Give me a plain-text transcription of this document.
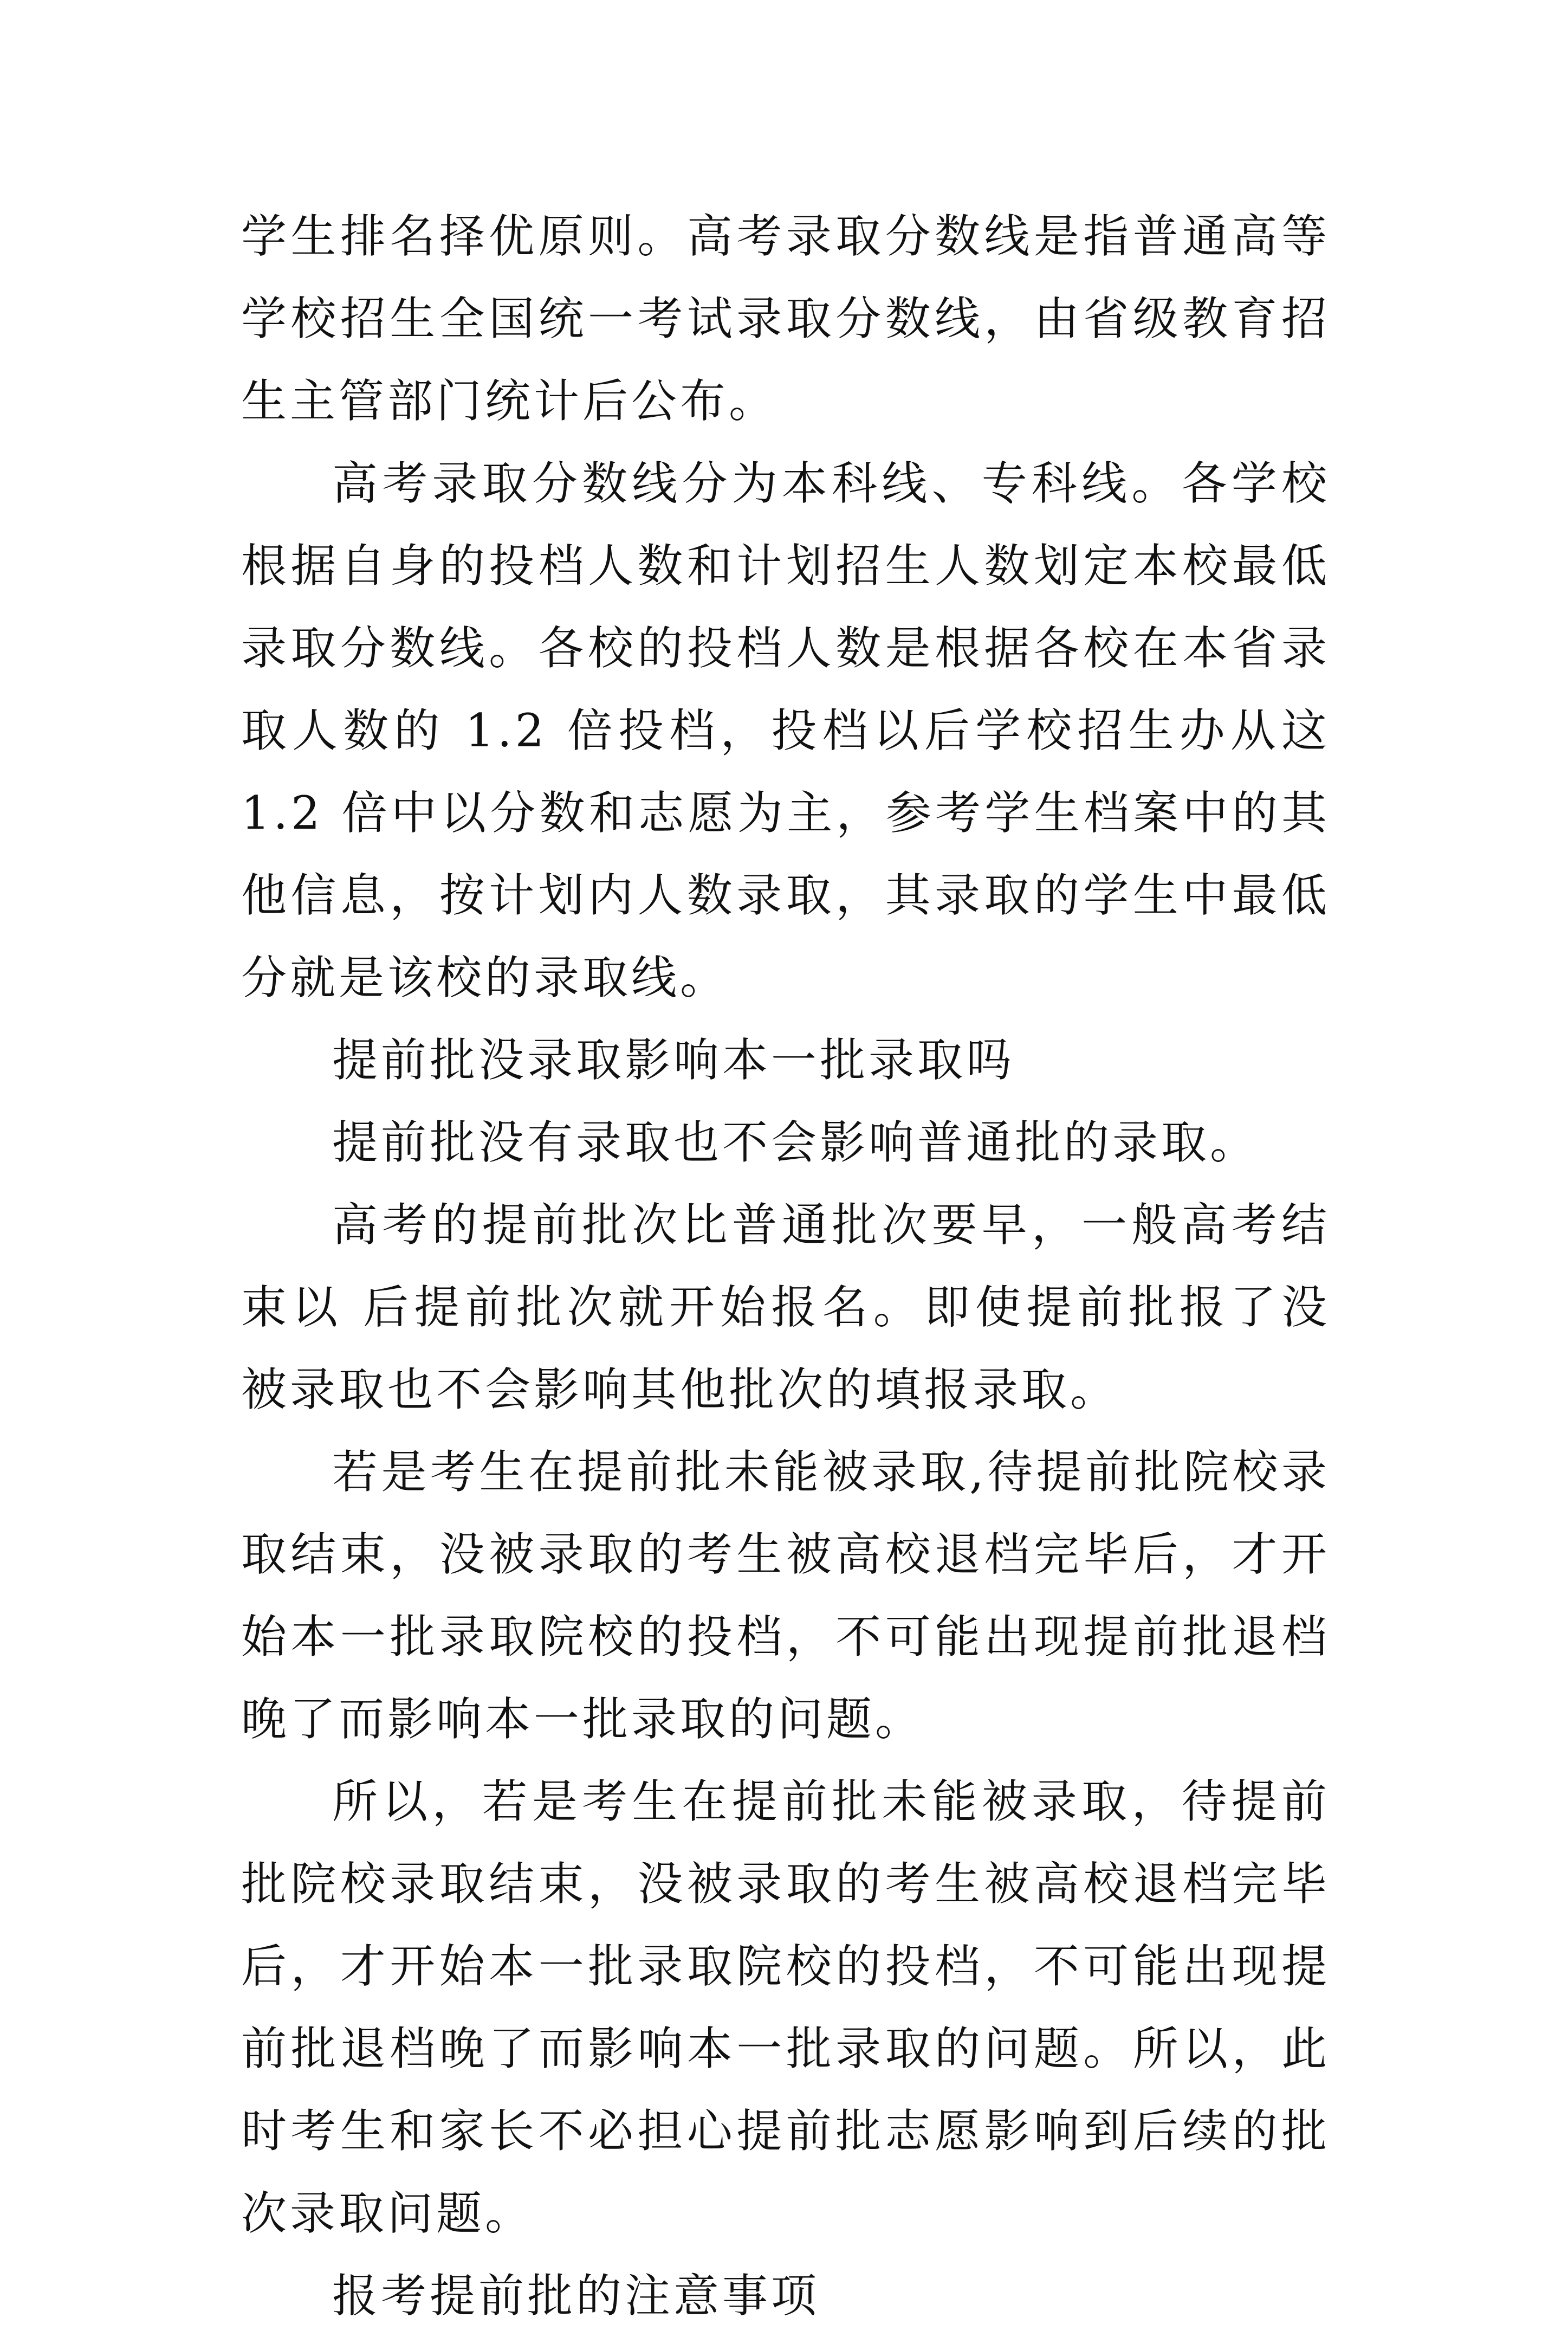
学生排名择优原则。高考录取分数线是指普通高等学校招生全国统一考试录取分数线，由省级教育招生主管部门统计后公布。

高考录取分数线分为本科线、专科线。各学校根据自身的投档人数和计划招生人数划定本校最低录取分数线。各校的投档人数是根据各校在本省录取人数的 1.2 倍投档，投档以后学校招生办从这 1.2 倍中以分数和志愿为主，参考学生档案中的其他信息，按计划内人数录取，其录取的学生中最低分就是该校的录取线。

提前批没录取影响本一批录取吗

提前批没有录取也不会影响普通批的录取。

高考的提前批次比普通批次要早，一般高考结束以 后提前批次就开始报名。即使提前批报了没被录取也不会影响其他批次的填报录取。

若是考生在提前批未能被录取,待提前批院校录取结束，没被录取的考生被高校退档完毕后，才开始本一批录取院校的投档，不可能出现提前批退档晚了而影响本一批录取的问题。

所以，若是考生在提前批未能被录取，待提前批院校录取结束，没被录取的考生被高校退档完毕后，才开始本一批录取院校的投档，不可能出现提前批退档晚了而影响本一批录取的问题。所以，此时考生和家长不必担心提前批志愿影响到后续的批次录取问题。

报考提前批的注意事项
